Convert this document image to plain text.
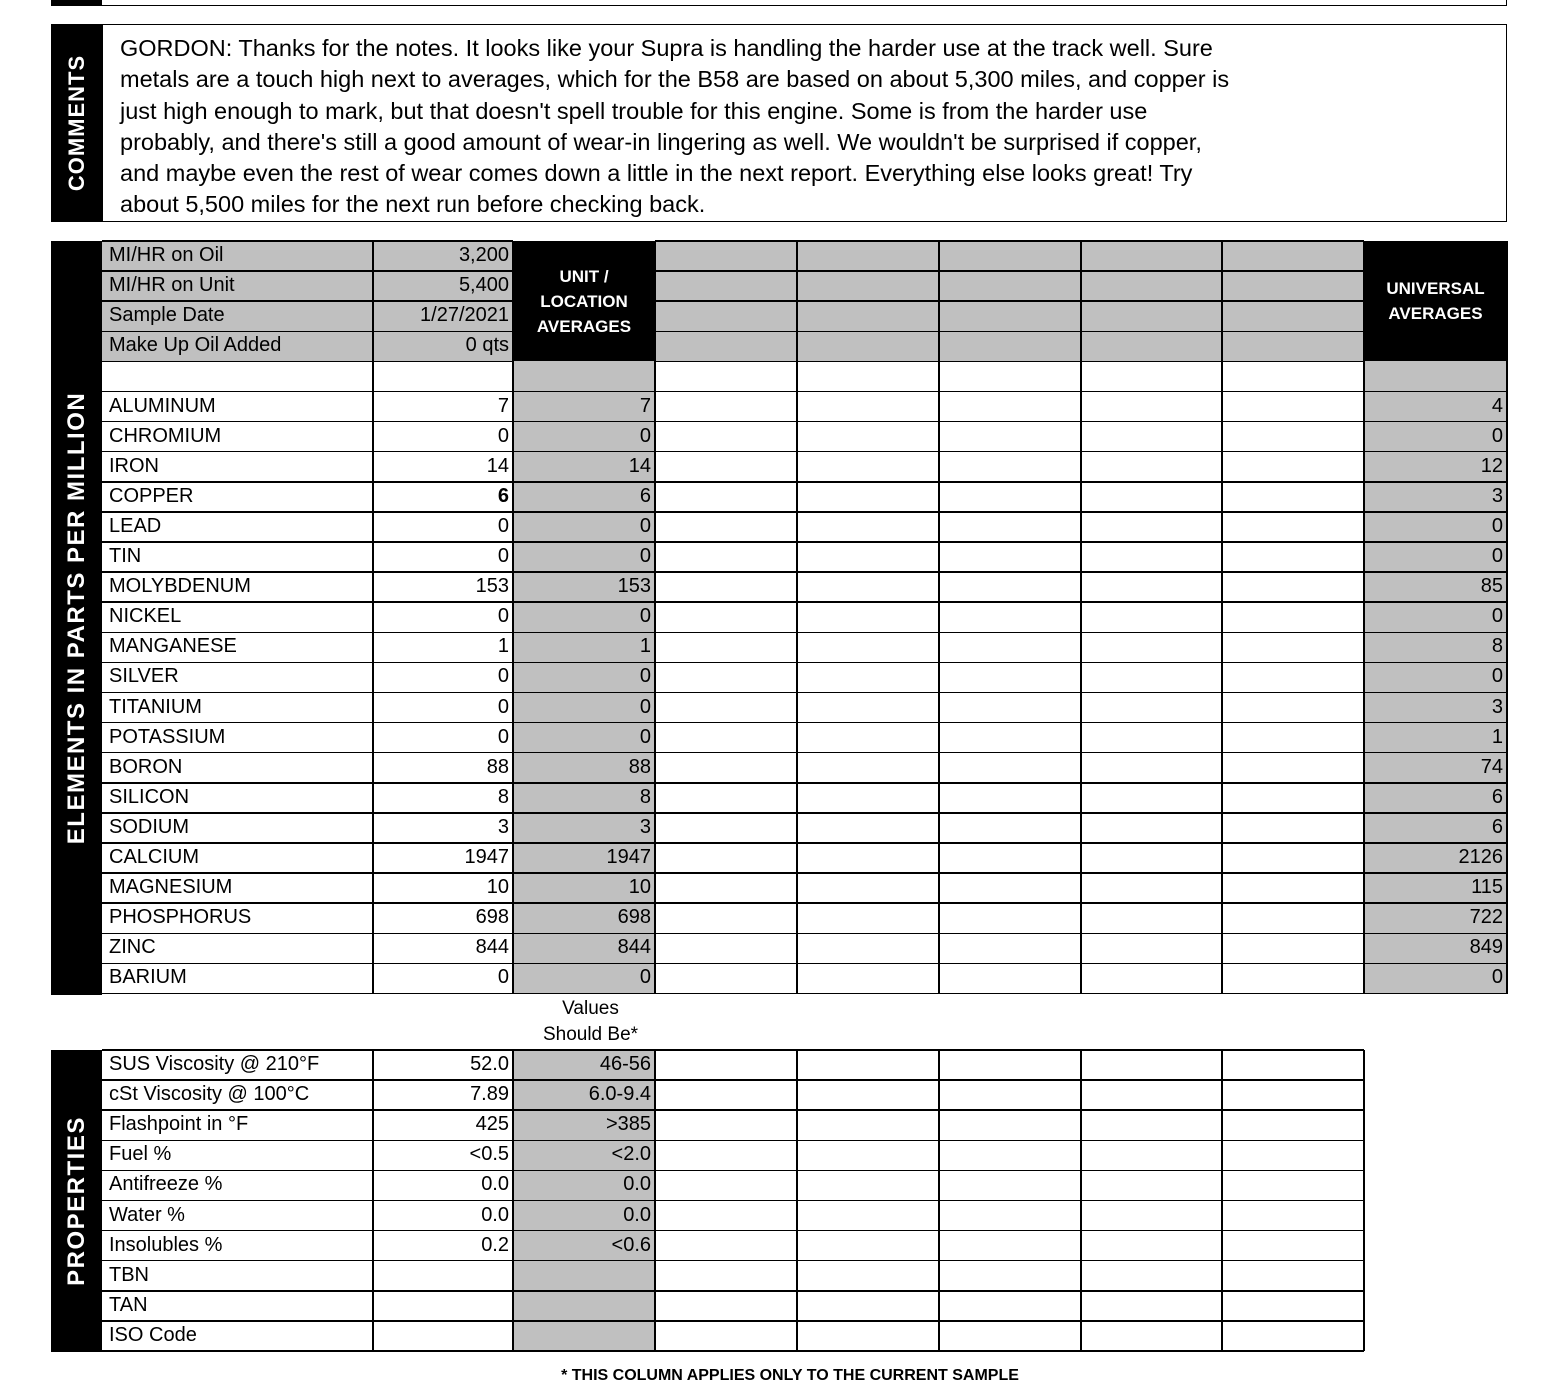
COMMENTS
GORDON: Thanks for the notes. It looks like your Supra is handling the harder use at the track well. Sure
metals are a touch high next to averages, which for the B58 are based on about 5,300 miles, and copper is
just high enough to mark, but that doesn't spell trouble for this engine. Some is from the harder use
probably, and there's still a good amount of wear-in lingering as well. We wouldn't be surprised if copper,
and maybe even the rest of wear comes down a little in the next report. Everything else looks great! Try
about 5,500 miles for the next run before checking back.
ELEMENTS IN PARTS PER MILLION
UNIT / LOCATION AVERAGES
UNIVERSAL AVERAGES
MI/HR on Oil	3,200
MI/HR on Unit	5,400
Sample Date	1/27/2021
Make Up Oil Added	0 qts
ALUMINUM	7	7	4
CHROMIUM	0	0	0
IRON	14	14	12
COPPER	6	6	3
LEAD	0	0	0
TIN	0	0	0
MOLYBDENUM	153	153	85
NICKEL	0	0	0
MANGANESE	1	1	8
SILVER	0	0	0
TITANIUM	0	0	3
POTASSIUM	0	0	1
BORON	88	88	74
SILICON	8	8	6
SODIUM	3	3	6
CALCIUM	1947	1947	2126
MAGNESIUM	10	10	115
PHOSPHORUS	698	698	722
ZINC	844	844	849
BARIUM	0	0	0
Values
Should Be*
PROPERTIES
SUS Viscosity @ 210°F	52.0	46-56
cSt Viscosity @ 100°C	7.89	6.0-9.4
Flashpoint in °F	425	>385
Fuel %	<0.5	<2.0
Antifreeze %	0.0	0.0
Water %	0.0	0.0
Insolubles %	0.2	<0.6
TBN
TAN
ISO Code
* THIS COLUMN APPLIES ONLY TO THE CURRENT SAMPLE
